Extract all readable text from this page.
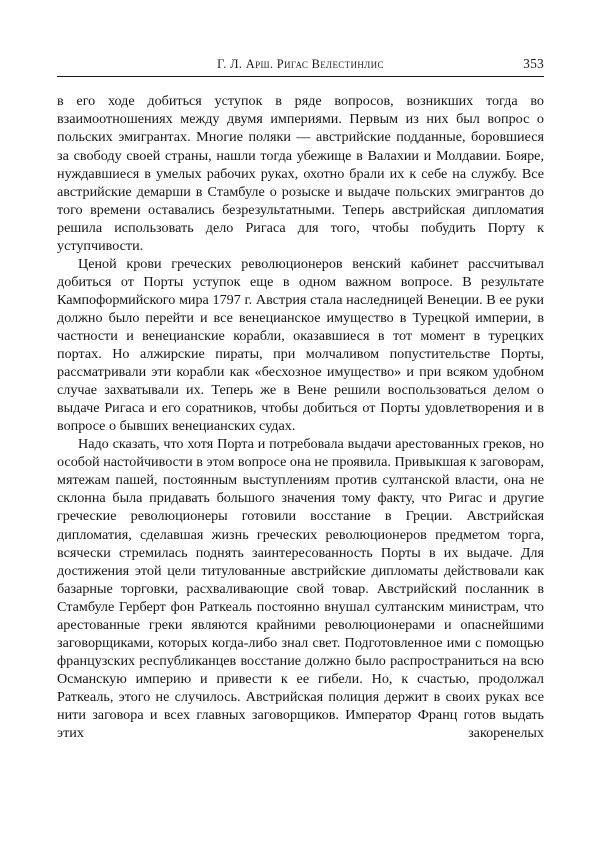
Г. Л. Арш. Ригас Велестинлис	353

в его ходе добиться уступок в ряде вопросов, возникших тогда во взаимоотношениях между двумя империями. Первым из них был вопрос о польских эмигрантах. Многие поляки — австрийские подданные, боровшиеся за свободу своей страны, нашли тогда убежище в Валахии и Молдавии. Бояре, нуждавшиеся в умелых рабочих руках, охотно брали их к себе на службу. Все австрийские демарши в Стамбуле о розыске и выдаче польских эмигрантов до того времени оставались безрезультатными. Теперь австрийская дипломатия решила использовать дело Ригаса для того, чтобы побудить Порту к уступчивости.

Ценой крови греческих революционеров венский кабинет рассчитывал добиться от Порты уступок еще в одном важном вопросе. В результате Кампоформийского мира 1797 г. Австрия стала наследницей Венеции. В ее руки должно было перейти и все венецианское имущество в Турецкой империи, в частности и венецианские корабли, оказавшиеся в тот момент в турецких портах. Но алжирские пираты, при молчаливом попустительстве Порты, рассматривали эти корабли как «бесхозное имущество» и при всяком удобном случае захватывали их. Теперь же в Вене решили воспользоваться делом о выдаче Ригаса и его соратников, чтобы добиться от Порты удовлетворения и в вопросе о бывших венецианских судах.

Надо сказать, что хотя Порта и потребовала выдачи арестованных греков, но особой настойчивости в этом вопросе она не проявила. Привыкшая к заговорам, мятежам пашей, постоянным выступлениям против султанской власти, она не склонна была придавать большого значения тому факту, что Ригас и другие греческие революционеры готовили восстание в Греции. Австрийская дипломатия, сделавшая жизнь греческих революционеров предметом торга, всячески стремилась поднять заинтересованность Порты в их выдаче. Для достижения этой цели титулованные австрийские дипломаты действовали как базарные торговки, расхваливающие свой товар. Австрийский посланник в Стамбуле Герберт фон Раткеаль постоянно внушал султанским министрам, что арестованные греки являются крайними революционерами и опаснейшими заговорщиками, которых когда-либо знал свет. Подготовленное ими с помощью французских республиканцев восстание должно было распространиться на всю Османскую империю и привести к ее гибели. Но, к счастью, продолжал Раткеаль, этого не случилось. Австрийская полиция держит в своих руках все нити заговора и всех главных заговорщиков. Император Франц готов выдать этих закоренелых
